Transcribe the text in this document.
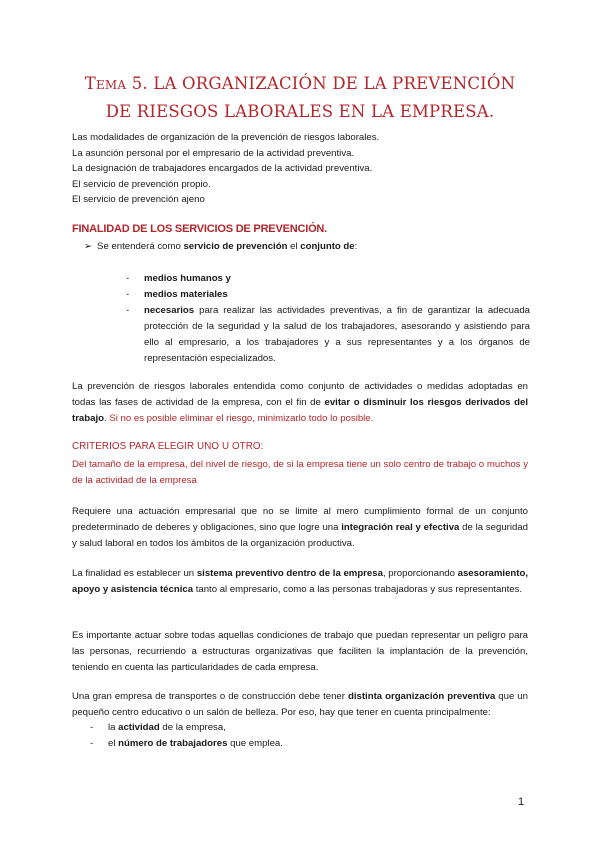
Tema 5. LA ORGANIZACIÓN DE LA PREVENCIÓN DE RIESGOS LABORALES EN LA EMPRESA.
Las modalidades de organización de la prevención de riesgos laborales.
La asunción personal por el empresario de la actividad preventiva.
La designación de trabajadores encargados de la actividad preventiva.
El servicio de prevención propio.
El servicio de prevención ajeno
FINALIDAD DE LOS SERVICIOS DE PREVENCIÓN.
➢ Se entenderá como servicio de prevención el conjunto de:
- medios humanos y
- medios materiales
- necesarios para realizar las actividades preventivas, a fin de garantizar la adecuada protección de la seguridad y la salud de los trabajadores, asesorando y asistiendo para ello al empresario, a los trabajadores y a sus representantes y a los órganos de representación especializados.
La prevención de riesgos laborales entendida como conjunto de actividades o medidas adoptadas en todas las fases de actividad de la empresa, con el fin de evitar o disminuir los riesgos derivados del trabajo. Si no es posible eliminar el riesgo, minimizarlo todo lo posible.
CRITERIOS PARA ELEGIR UNO U OTRO:
Del tamaño de la empresa, del nivel de riesgo, de si la empresa tiene un solo centro de trabajo o muchos y de la actividad de la empresa
Requiere una actuación empresarial que no se limite al mero cumplimiento formal de un conjunto predeterminado de deberes y obligaciones, sino que logre una integración real y efectiva de la seguridad y salud laboral en todos los ámbitos de la organización productiva.
La finalidad es establecer un sistema preventivo dentro de la empresa, proporcionando asesoramiento, apoyo y asistencia técnica tanto al empresario, como a las personas trabajadoras y sus representantes.
Es importante actuar sobre todas aquellas condiciones de trabajo que puedan representar un peligro para las personas, recurriendo a estructuras organizativas que faciliten la implantación de la prevención, teniendo en cuenta las particularidades de cada empresa.
Una gran empresa de transportes o de construcción debe tener distinta organización preventiva que un pequeño centro educativo o un salón de belleza. Por eso, hay que tener en cuenta principalmente:
- la actividad de la empresa,
- el número de trabajadores que emplea.
1
